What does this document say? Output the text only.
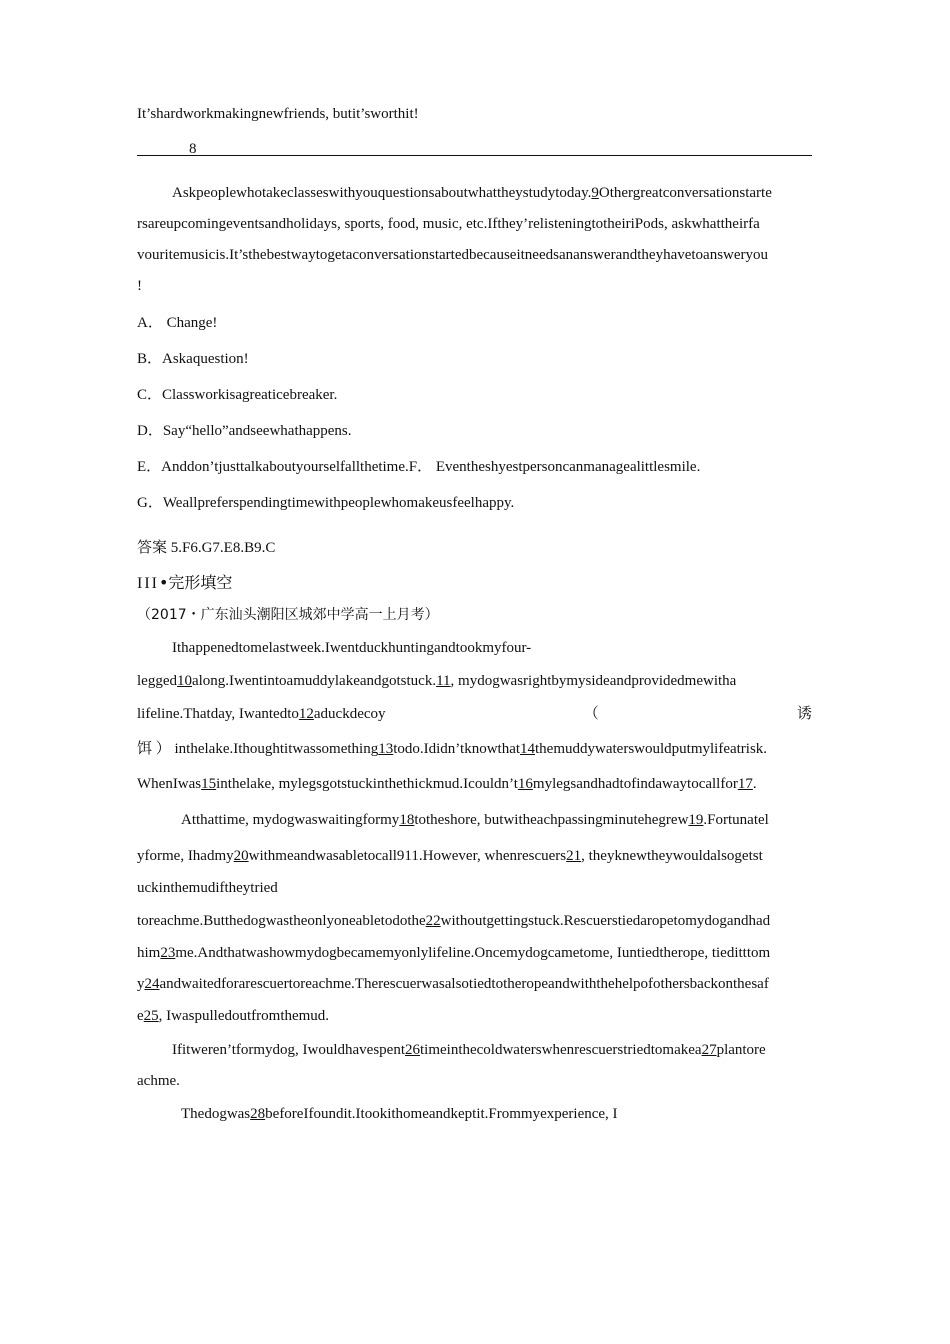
It’shardworkmakingnewfriends, butit’sworthit!
8
Askpeoplewhotakeclasseswithyouquestionsaboutwhattheystudytoday.9Othergreatconversationstarte
rsareupcomingeventsandholidays, sports, food, music, etc.Ifthey’relisteningtotheiriPods, askwhattheirfa
vouritemusicis.It’sthebestwaytogetaconversationstartedbecauseitneedsananswerandtheyhavetoansweryou
!
A． Change!
B．Askaquestion!
C．Classworkisagreaticebreaker.
D．Say“hello”andseewhathappens.
E．Anddon’tjusttalkaboutyourselfallthetime.F． Eventheshyestpersoncanmanagealittlesmile.
G．Weallpreferspendingtimewithpeoplewhomakeusfeelhappy.
答案 5.F6.G7.E8.B9.C
III•完形填空
（2017・广东汕头潮阳区城郊中学高一上月考）
Ithappenedtomelastweek.Iwentduckhuntingandtookmyfour-
legged10along.Iwentintoamuddylakeandgotstuck.11, mydogwasrightbymysideandprovidedmewitha
lifeline.Thatday, Iwantedto12aduckdecoy	（	诱
饵 ） inthelake.Ithoughtitwassomething13todo.Ididn’tknowthat14themuddywaterswouldputmylifeatrisk.
WhenIwas15inthelake, mylegsgotstuckinthethickmud.Icouldn’t16mylegsandhadtofindawaytocallfor17.
Atthattime, mydogwaswaitingformy18totheshore, butwitheachpassingminutehegrew19.Fortunatel
yforme, Ihadmy20withmeandwasabletocall911.However, whenrescuers21, theyknewtheywouldalsogetst
uckinthemudiftheytried
toreachme.Butthedogwastheonlyoneabletodothe22withoutgettingstuck.Rescuerstiedaropetomydogandhad
him23me.Andthatwashowmydogbecamemyonlylifeline.Oncemydogcametome, Iuntiedtherope, tieditttom
y24andwaitedforarescuertoreachme.Therescuerwasalsotiedtotheropeandwiththehelpofothersbackonthesaf
e25, Iwaspulledoutfromthemud.
Ifitweren’tformydog, Iwouldhavespent26timeinthecoldwaterswhenrescuerstriedtomakea27plantore
achme.
Thedogwas28beforeIfoundit.Itookithomeandkeptit.Frommyexperience, I
